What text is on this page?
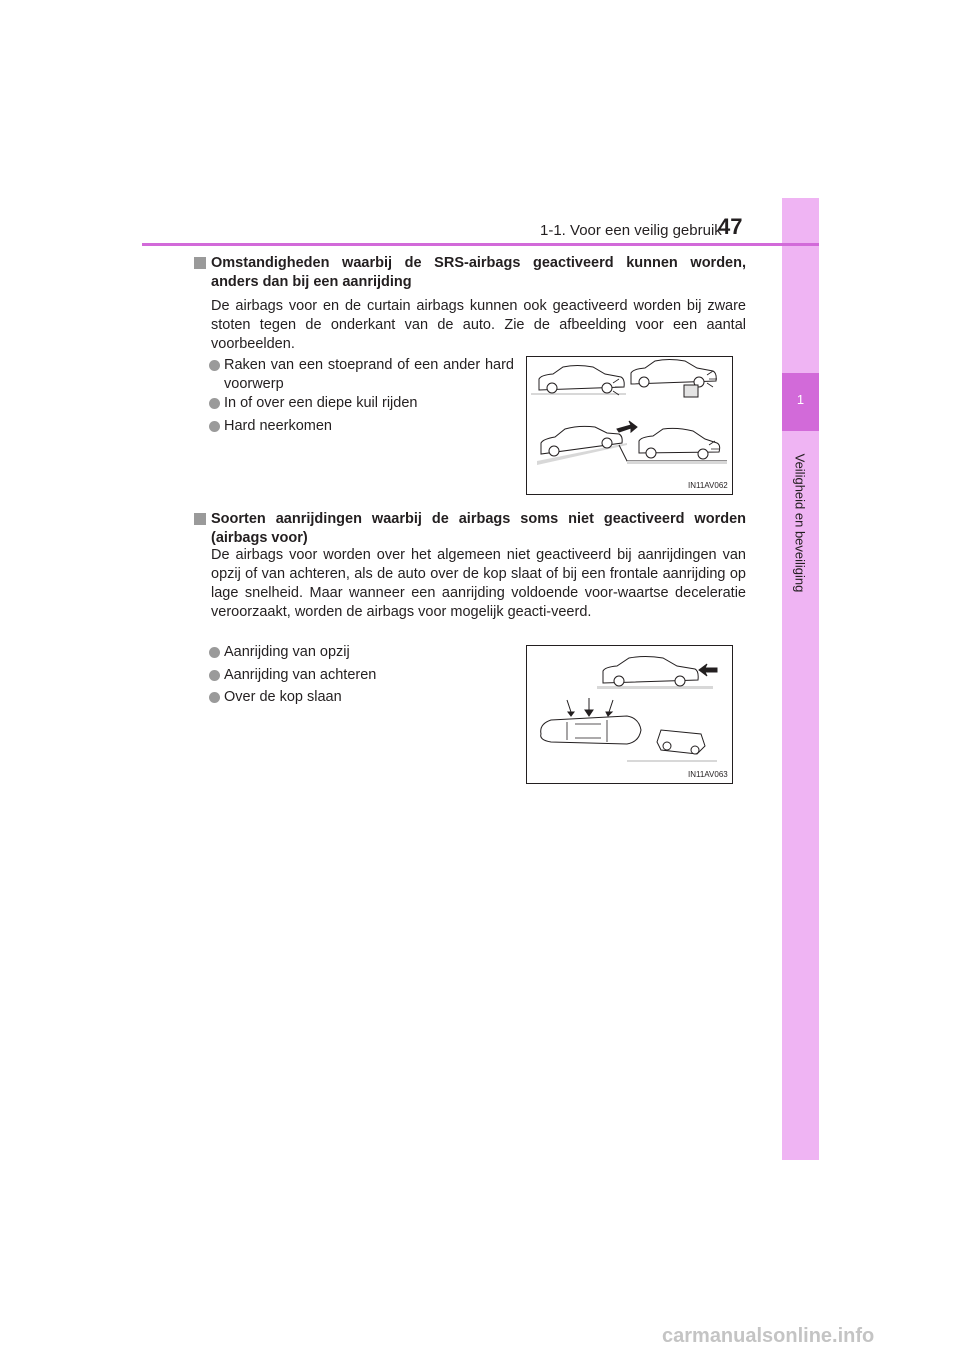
1
Veiligheid en beveiliging
1-1. Voor een veilig gebruik
47
Omstandigheden waarbij de SRS-airbags geactiveerd kunnen worden, anders dan bij een aanrijding
De airbags voor en de curtain airbags kunnen ook geactiveerd worden bij zware stoten tegen de onderkant van de auto. Zie de afbeelding voor een aantal voorbeelden.
Raken van een stoeprand of een ander hard voorwerp
In of over een diepe kuil rijden
Hard neerkomen
IN11AV062
Soorten aanrijdingen waarbij de airbags soms niet geactiveerd worden (airbags voor)
De airbags voor worden over het algemeen niet geactiveerd bij aanrijdingen van opzij of van achteren, als de auto over de kop slaat of bij een frontale aanrijding op lage snelheid. Maar wanneer een aanrijding voldoende voor-waartse deceleratie veroorzaakt, worden de airbags voor mogelijk geacti-veerd.
Aanrijding van opzij
Aanrijding van achteren
Over de kop slaan
IN11AV063
carmanualsonline.info
